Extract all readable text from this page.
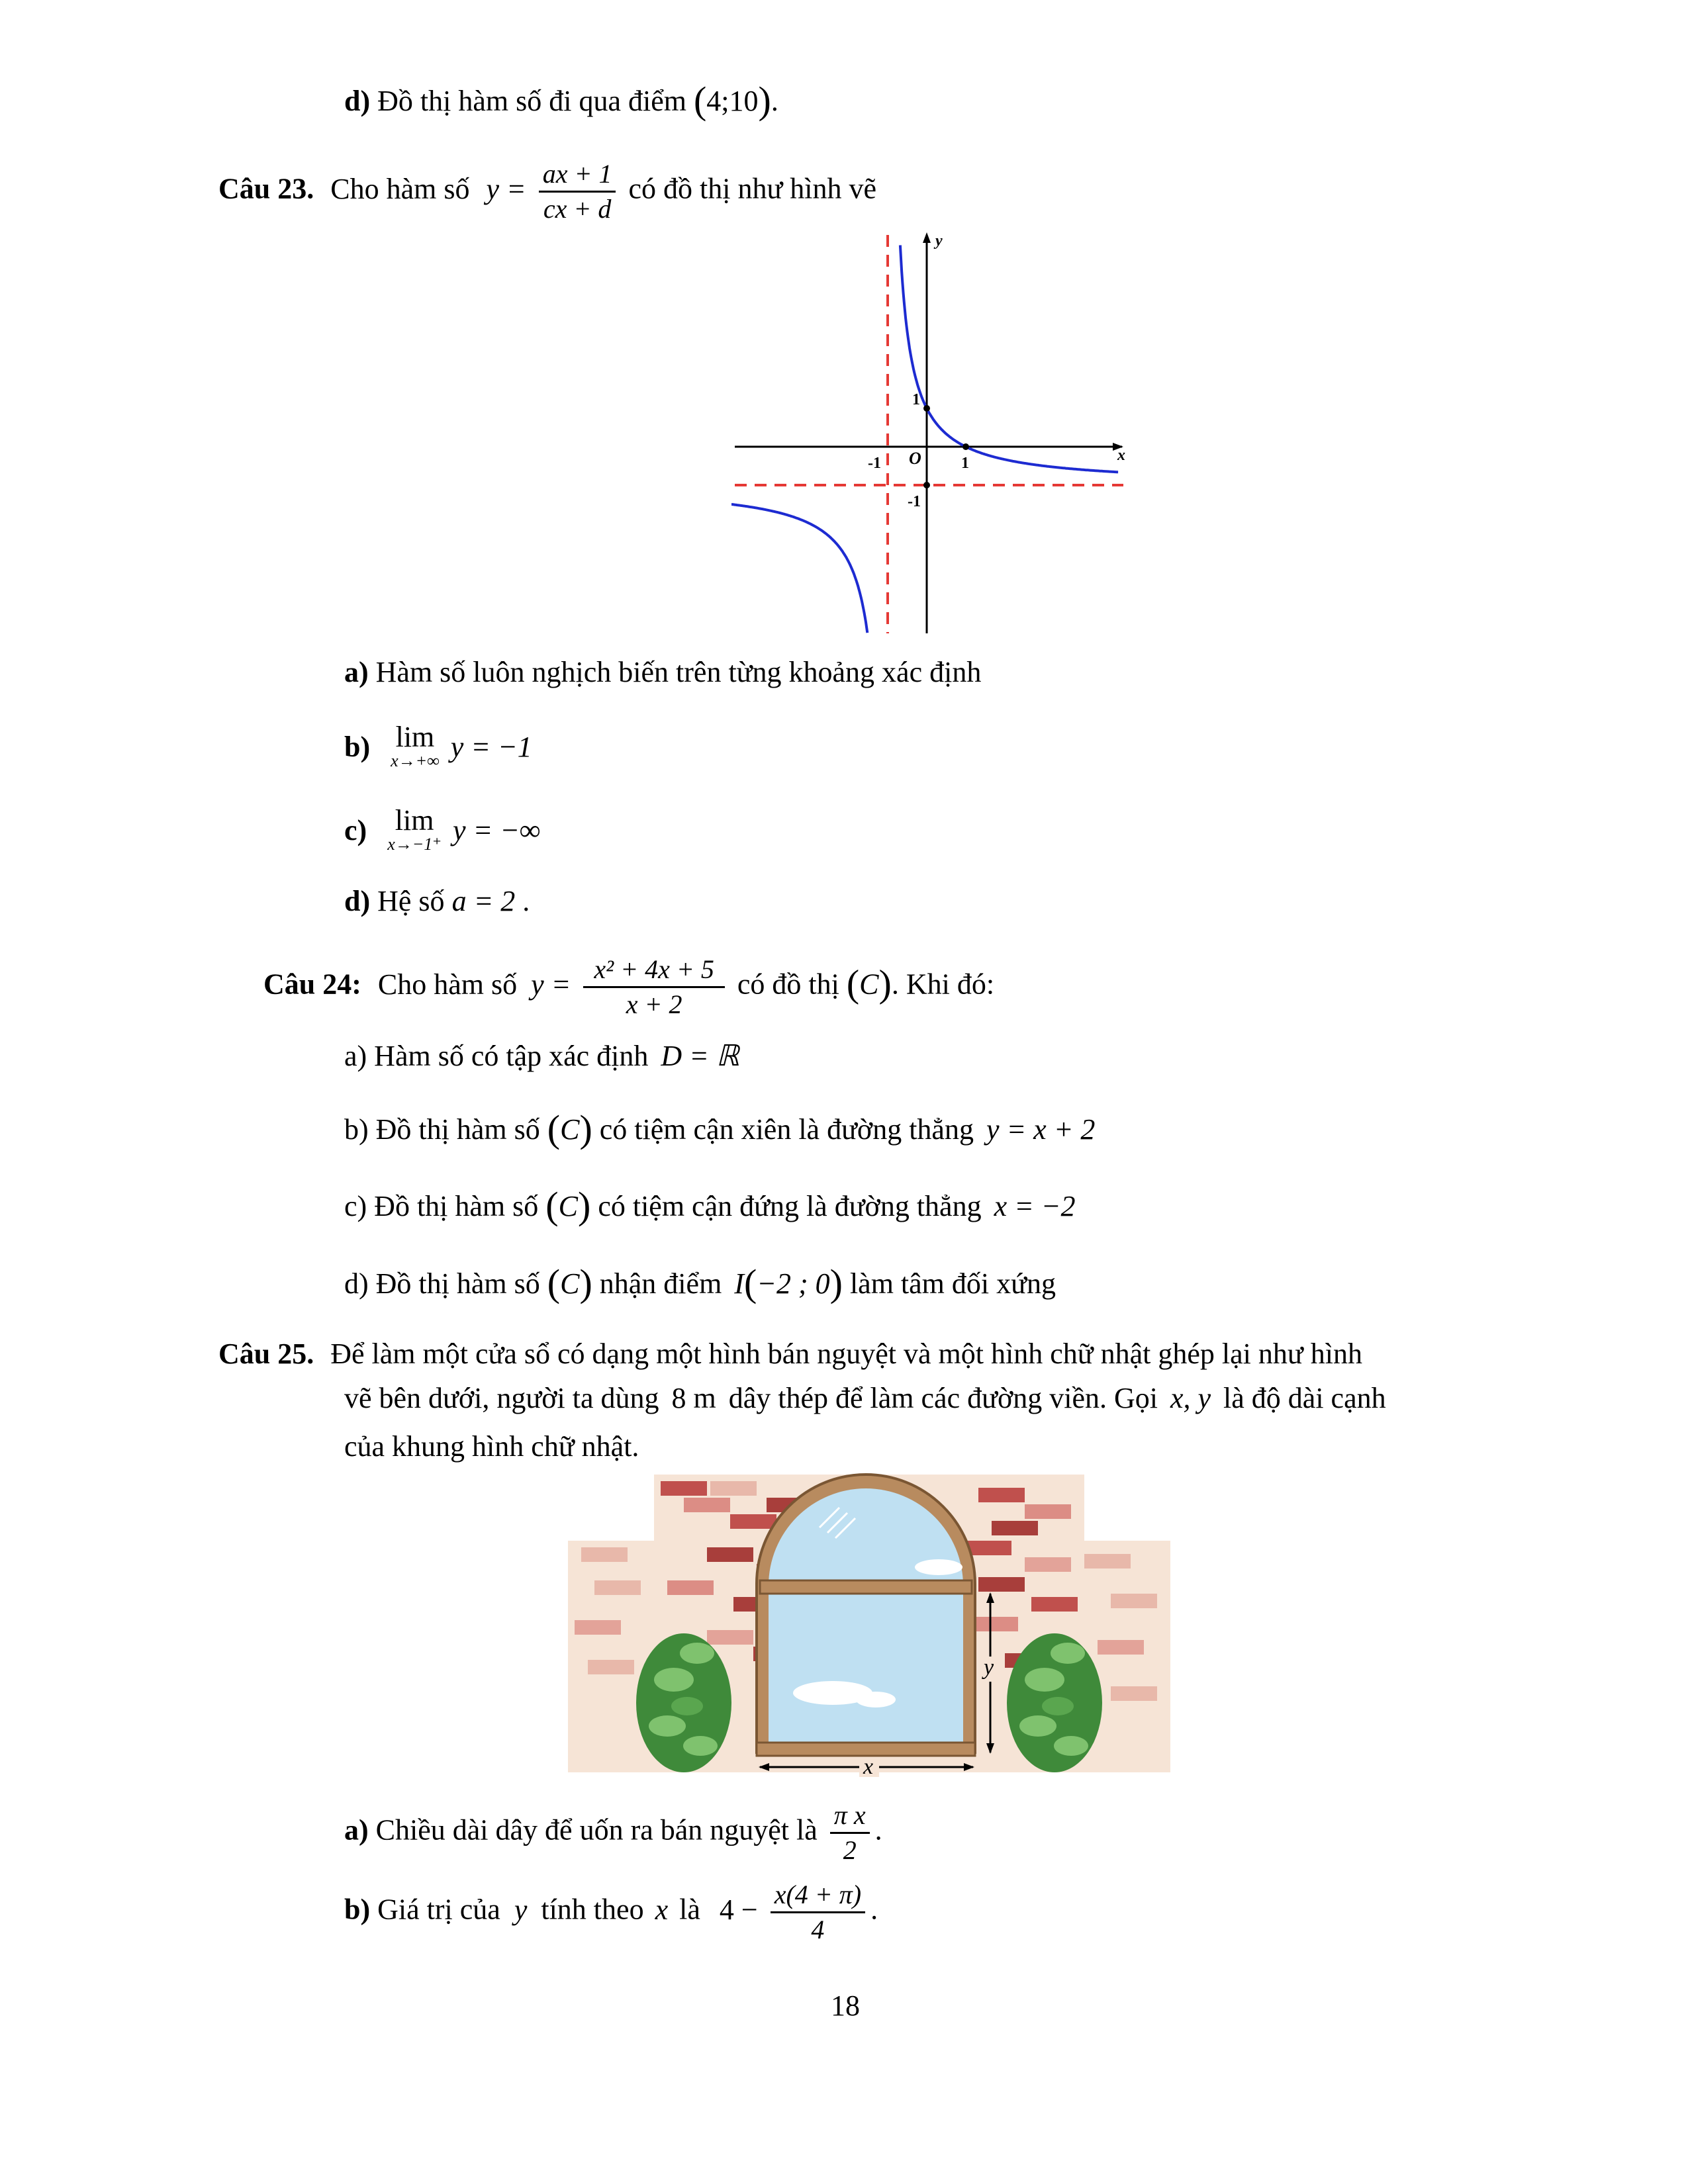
d) Đồ thị hàm số đi qua điểm (4;10).
Câu 23. Cho hàm số $y = \frac{ax + 1}{cx + d}$ có đồ thị như hình vẽ
x
y
O
-1	1
1
-1
a) Hàm số luôn nghịch biến trên từng khoảng xác định
b) lim
x→+∞ y = −1
c) lim
x→−1⁺ y = −∞
d) Hệ số a = 2 .
Câu 24: Cho hàm số $y = \frac{\text{x² + 4x + 5}}{x + 2}$ có đồ thị (C). Khi đó:
a) Hàm số có tập xác định D = ℝ
b) Đồ thị hàm số (C) có tiệm cận xiên là đường thẳng y = x + 2
c) Đồ thị hàm số (C) có tiệm cận đứng là đường thẳng x = −2
d) Đồ thị hàm số (C) nhận điểm I(−2 ; 0) làm tâm đối xứng
Câu 25. Để làm một cửa sổ có dạng một hình bán nguyệt và một hình chữ nhật ghép lại như hình
vẽ bên dưới, người ta dùng 8 m dây thép để làm các đường viền. Gọi x, y là độ dài cạnh
của khung hình chữ nhật.
x
y
a) Chiều dài dây để uốn ra bán nguyệt là $\frac{\text{π x}}{2}$ .
b) Giá trị của y tính theo x là $4 - \frac{x(4 + \pi)}{4}$ .
18
